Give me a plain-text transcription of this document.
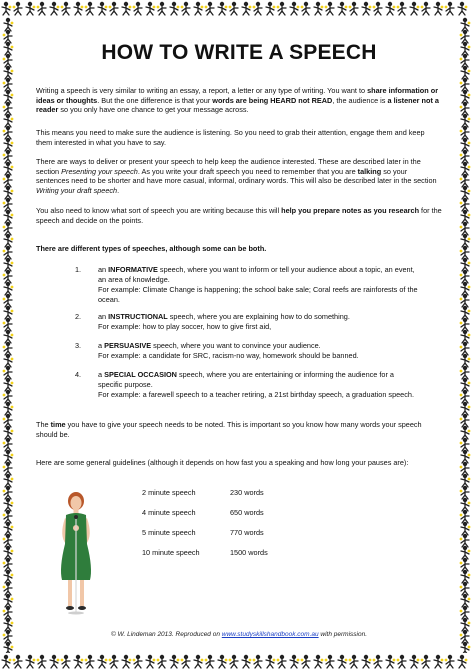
HOW TO WRITE A SPEECH

Writing a speech is very similar to writing an essay, a report, a letter or any type of writing. You want to share information or ideas or thoughts. But the one difference is that your words are being HEARD not READ, the audience is a listener not a reader so you only have one chance to get your message across.

This means you need to make sure the audience is listening. So you need to grab their attention, engage them and keep them interested in what you have to say.

There are ways to deliver or present your speech to help keep the audience interested. These are described later in the section Presenting your speech. As you write your draft speech you need to remember that you are talking so your sentences need to be shorter and have more casual, informal, ordinary words. This will also be described later in the section Writing your draft speech.

You also need to know what sort of speech you are writing because this will help you prepare notes as you research for the speech and decide on the points.

There are different types of speeches, although some can be both.

1. an INFORMATIVE speech, where you want to inform or tell your audience about a topic, an event, an area of knowledge.
For example: Climate Change is happening; the school bake sale; Coral reefs are rainforests of the ocean.
2. an INSTRUCTIONAL speech, where you are explaining how to do something.
For example: how to play soccer, how to give first aid,
3. a PERSUASIVE speech, where you want to convince your audience.
For example: a candidate for SRC, racism-no way, homework should be banned.
4. a SPECIAL OCCASION speech, where you are entertaining or informing the audience for a specific purpose.
For example: a farewell speech to a teacher retiring, a 21st birthday speech, a graduation speech.

The time you have to give your speech needs to be noted. This is important so you know how many words your speech should be.

Here are some general guidelines (although it depends on how fast you a speaking and how long your pauses are):

2 minute speech	230 words
4 minute speech	650 words
5 minute speech	770 words
10 minute speech	1500 words
© W. Lindeman 2013. Reproduced on www.studyskillshandbook.com.au with permission.
